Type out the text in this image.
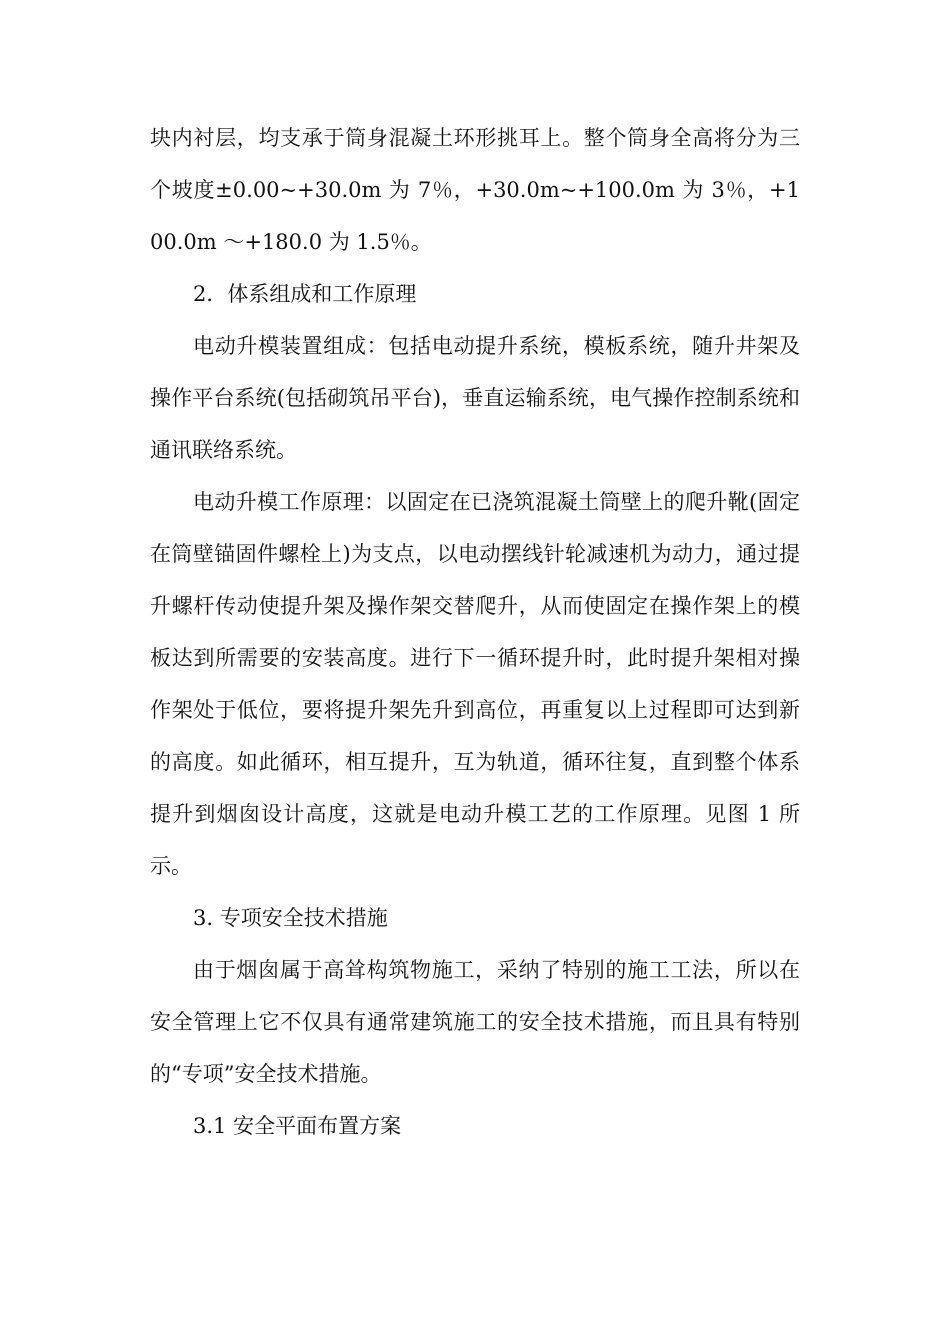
块内衬层，均支承于筒身混凝土环形挑耳上。整个筒身全高将分为三个坡度±0.00~+30.0m 为 7％，+30.0m~+100.0m 为 3％，+100.0m ～+180.0 为 1.5％。

2．体系组成和工作原理

电动升模装置组成：包括电动提升系统，模板系统，随升井架及操作平台系统(包括砌筑吊平台)，垂直运输系统，电气操作控制系统和通讯联络系统。

电动升模工作原理：以固定在已浇筑混凝土筒壁上的爬升靴(固定在筒壁锚固件螺栓上)为支点，以电动摆线针轮减速机为动力，通过提升螺杆传动使提升架及操作架交替爬升，从而使固定在操作架上的模板达到所需要的安装高度。进行下一循环提升时，此时提升架相对操作架处于低位，要将提升架先升到高位，再重复以上过程即可达到新的高度。如此循环，相互提升，互为轨道，循环往复，直到整个体系提升到烟囱设计高度，这就是电动升模工艺的工作原理。见图 1 所示。

3. 专项安全技术措施

由于烟囱属于高耸构筑物施工，采纳了特别的施工工法，所以在安全管理上它不仅具有通常建筑施工的安全技术措施，而且具有特别的“专项”安全技术措施。

3.1 安全平面布置方案
